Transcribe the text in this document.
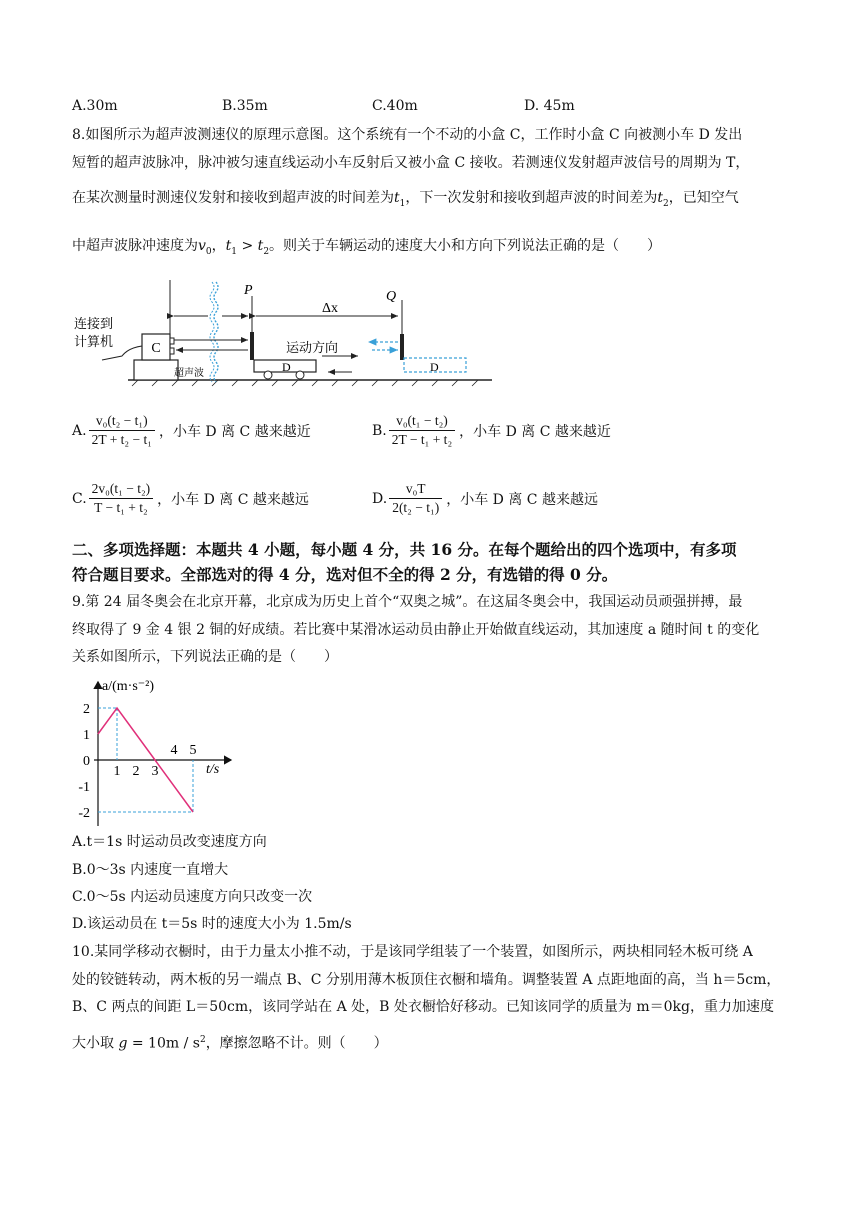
A.30m	B.35m	C.40m	D. 45m
8.如图所示为超声波测速仪的原理示意图。这个系统有一个不动的小盒 C，工作时小盒 C 向被测小车 D 发出
短暂的超声波脉冲，脉冲被匀速直线运动小车反射后又被小盒 C 接收。若测速仪发射超声波信号的周期为 T，
在某次测量时测速仪发射和接收到超声波的时间差为$t_1$，下一次发射和接收到超声波的时间差为$t_2$，已知空气
中超声波脉冲速度为$v_0$，$t_1 > t_2$。则关于车辆运动的速度大小和方向下列说法正确的是（　　）
C
连接到
计算机
P
D
超声波
Δx
运动方向
Q
D
A. $\frac{\text{v₀(t₂ − t₁)}}{\text{2T + t₂ − t₁}}$ ，小车 D 离 C 越来越近	B. $\frac{\text{v₀(t₁ − t₂)}}{\text{2T − t₁ + t₂}}$ ，小车 D 离 C 越来越近
C. $\frac{\text{2v₀(t₁ − t₂)}}{\text{T − t₁ + t₂}}$ ，小车 D 离 C 越来越远	D. $\frac{\text{v₀T}}{\text{2(t₂ − t₁)}}$ ，小车 D 离 C 越来越远
二、多项选择题：本题共 4 小题，每小题 4 分，共 16 分。在每个题给出的四个选项中，有多项
符合题目要求。全部选对的得 4 分，选对但不全的得 2 分，有选错的得 0 分。
9.第 24 届冬奥会在北京开幕，北京成为历史上首个“双奥之城”。在这届冬奥会中，我国运动员顽强拼搏，最
终取得了 9 金 4 银 2 铜的好成绩。若比赛中某滑冰运动员由静止开始做直线运动，其加速度 a 随时间 t 的变化
关系如图所示，下列说法正确的是（　　）
2
1
0
-1
-2
1 2 3
4 5
a/(m·s⁻²)
t/s
A.t＝1s 时运动员改变速度方向
B.0～3s 内速度一直增大
C.0～5s 内运动员速度方向只改变一次
D.该运动员在 t＝5s 时的速度大小为 1.5m/s
10.某同学移动衣橱时，由于力量太小推不动，于是该同学组装了一个装置，如图所示，两块相同轻木板可绕 A
处的铰链转动，两木板的另一端点 B、C 分别用薄木板顶住衣橱和墙角。调整装置 A 点距地面的高，当 h＝5cm，
B、C 两点的间距 L＝50cm，该同学站在 A 处，B 处衣橱恰好移动。已知该同学的质量为 m＝0kg，重力加速度
大小取 $g = 10m / s^2$，摩擦忽略不计。则（　　）
